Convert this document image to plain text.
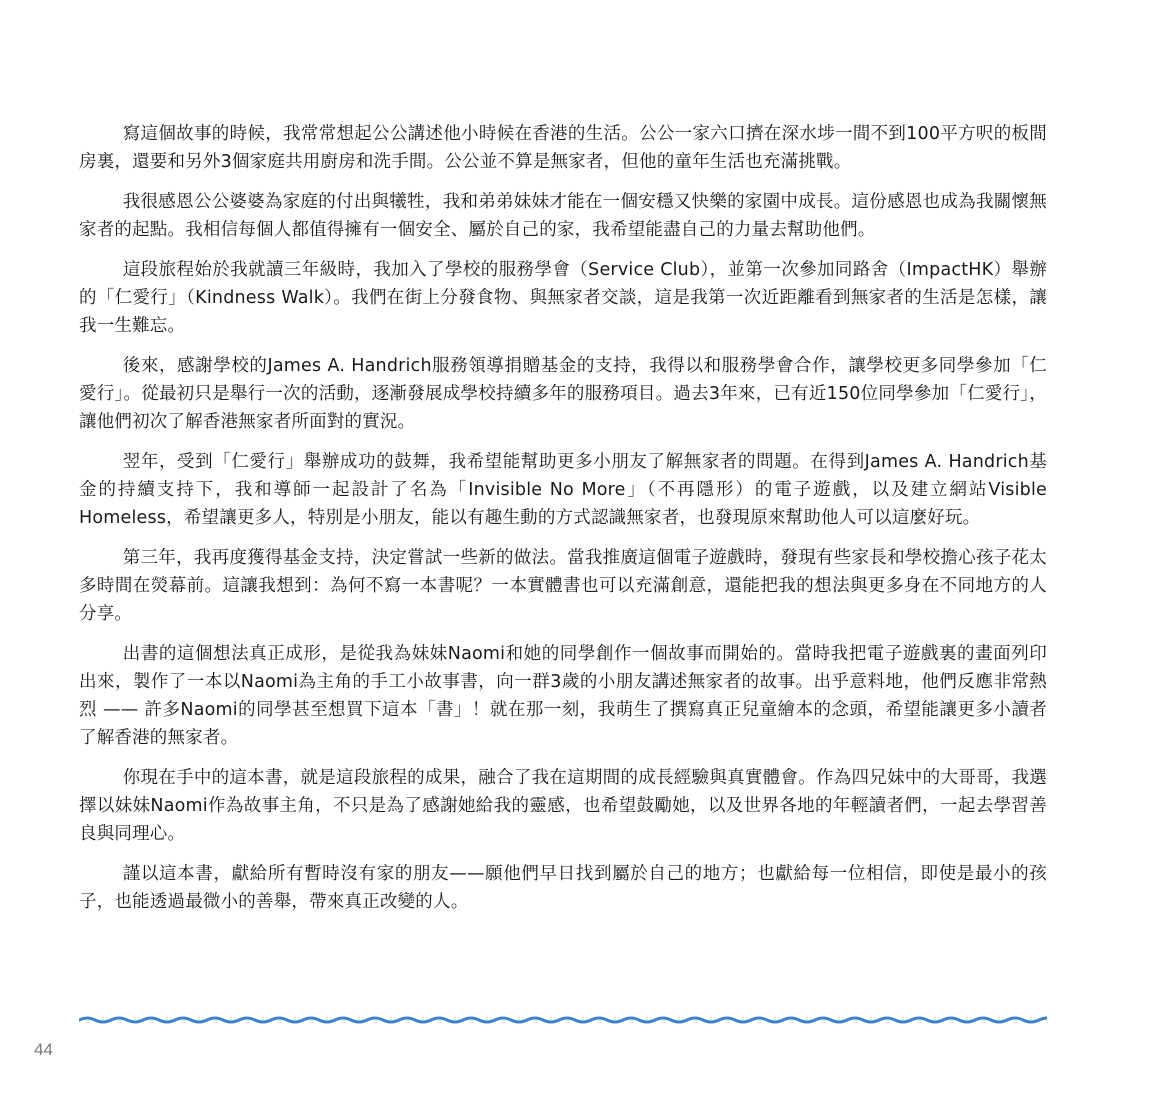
寫這個故事的時候，我常常想起公公講述他小時候在香港的生活。公公一家六口擠在深水埗一間不到100平方呎的板間房裏，還要和另外3個家庭共用廚房和洗手間。公公並不算是無家者，但他的童年生活也充滿挑戰。

我很感恩公公婆婆為家庭的付出與犧牲，我和弟弟妹妹才能在一個安穩又快樂的家園中成長。這份感恩也成為我關懷無家者的起點。我相信每個人都值得擁有一個安全、屬於自己的家，我希望能盡自己的力量去幫助他們。

這段旅程始於我就讀三年級時，我加入了學校的服務學會（Service Club），並第一次參加同路舍（ImpactHK）舉辦的「仁愛行」（Kindness Walk）。我們在街上分發食物、與無家者交談，這是我第一次近距離看到無家者的生活是怎樣，讓我一生難忘。

後來，感謝學校的James A. Handrich服務領導捐贈基金的支持，我得以和服務學會合作，讓學校更多同學參加「仁愛行」。從最初只是舉行一次的活動，逐漸發展成學校持續多年的服務項目。過去3年來，已有近150位同學參加「仁愛行」，讓他們初次了解香港無家者所面對的實況。

翌年，受到「仁愛行」舉辦成功的鼓舞，我希望能幫助更多小朋友了解無家者的問題。在得到James A. Handrich基金的持續支持下，我和導師一起設計了名為「Invisible No More」（不再隱形）的電子遊戲，以及建立網站Visible Homeless，希望讓更多人，特別是小朋友，能以有趣生動的方式認識無家者，也發現原來幫助他人可以這麼好玩。

第三年，我再度獲得基金支持，決定嘗試一些新的做法。當我推廣這個電子遊戲時，發現有些家長和學校擔心孩子花太多時間在熒幕前。這讓我想到：為何不寫一本書呢？一本實體書也可以充滿創意，還能把我的想法與更多身在不同地方的人分享。

出書的這個想法真正成形，是從我為妹妹Naomi和她的同學創作一個故事而開始的。當時我把電子遊戲裏的畫面列印出來，製作了一本以Naomi為主角的手工小故事書，向一群3歲的小朋友講述無家者的故事。出乎意料地，他們反應非常熱烈 —— 許多Naomi的同學甚至想買下這本「書」！就在那一刻，我萌生了撰寫真正兒童繪本的念頭，希望能讓更多小讀者了解香港的無家者。

你現在手中的這本書，就是這段旅程的成果，融合了我在這期間的成長經驗與真實體會。作為四兄妹中的大哥哥，我選擇以妹妹Naomi作為故事主角，不只是為了感謝她給我的靈感，也希望鼓勵她，以及世界各地的年輕讀者們，一起去學習善良與同理心。

謹以這本書，獻給所有暫時沒有家的朋友——願他們早日找到屬於自己的地方；也獻給每一位相信，即使是最小的孩子，也能透過最微小的善舉，帶來真正改變的人。

44
